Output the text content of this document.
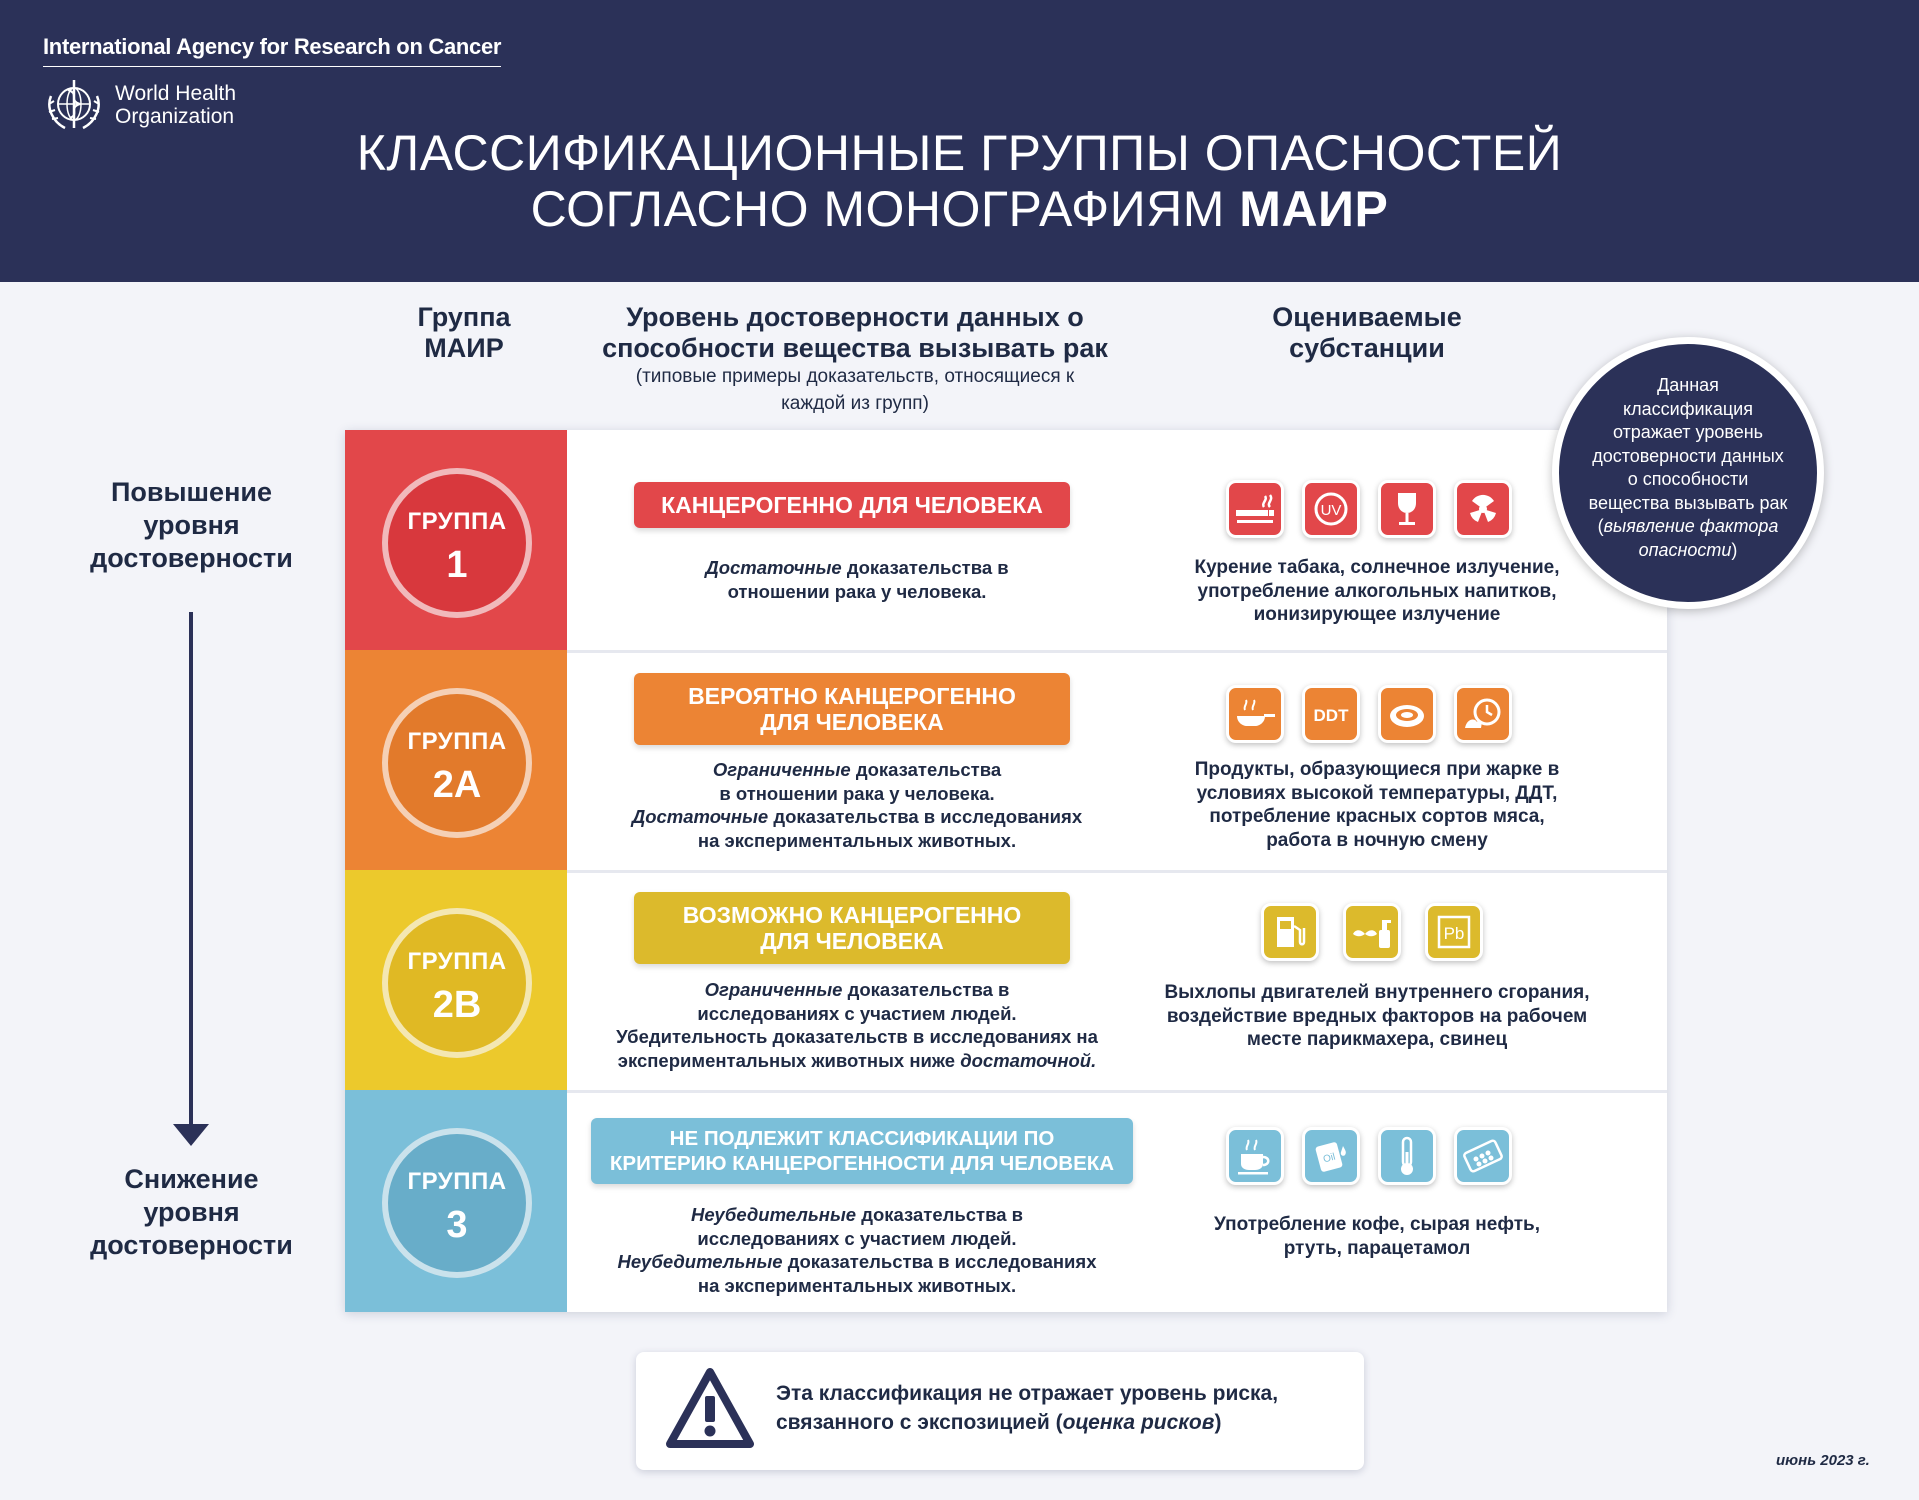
International Agency for Research on Cancer
World Health
Organization
КЛАССИФИКАЦИОННЫЕ ГРУППЫ ОПАСНОСТЕЙ
СОГЛАСНО МОНОГРАФИЯМ МАИР
Группа
МАИР
Уровень достоверности данных о
способности вещества вызывать рак
(типовые примеры доказательств, относящиеся к
каждой из групп)
Оцениваемые
субстанции
Повышение
уровня
достоверности
Снижение
уровня
достоверности
ГРУППА
1
КАНЦЕРОГЕННО ДЛЯ ЧЕЛОВЕКА
Достаточные доказательства в
отношении рака у человека.
UV
Курение табака, солнечное излучение,
употребление алкогольных напитков,
ионизирующее излучение
ГРУППА
2А
ВЕРОЯТНО КАНЦЕРОГЕННО
ДЛЯ ЧЕЛОВЕКА
Ограниченные доказательства
в отношении рака у человека.
Достаточные доказательства в исследованиях
на экспериментальных животных.
DDT
Продукты, образующиеся при жарке в
условиях высокой температуры, ДДТ,
потребление красных сортов мяса,
работа в ночную смену
ГРУППА
2B
ВОЗМОЖНО КАНЦЕРОГЕННО
ДЛЯ ЧЕЛОВЕКА
Ограниченные доказательства в
исследованиях с участием людей.
Убедительность доказательств в исследованиях на
экспериментальных животных ниже достаточной.
Pb
Выхлопы двигателей внутреннего сгорания,
воздействие вредных факторов на рабочем
месте парикмахера, свинец
ГРУППА
3
НЕ ПОДЛЕЖИТ КЛАССИФИКАЦИИ ПО
КРИТЕРИЮ КАНЦЕРОГЕННОСТИ ДЛЯ ЧЕЛОВЕКА
Неубедительные доказательства в
исследованиях с участием людей.
Неубедительные доказательства в исследованиях
на экспериментальных животных.
Oil
Употребление кофе, сырая нефть,
ртуть, парацетамол
Данная
классификация
отражает уровень
достоверности данных
о способности
вещества вызывать рак
(выявление фактора
опасности)
Эта классификация не отражает уровень риска,
связанного с экспозицией (оценка рисков)
июнь 2023 г.
